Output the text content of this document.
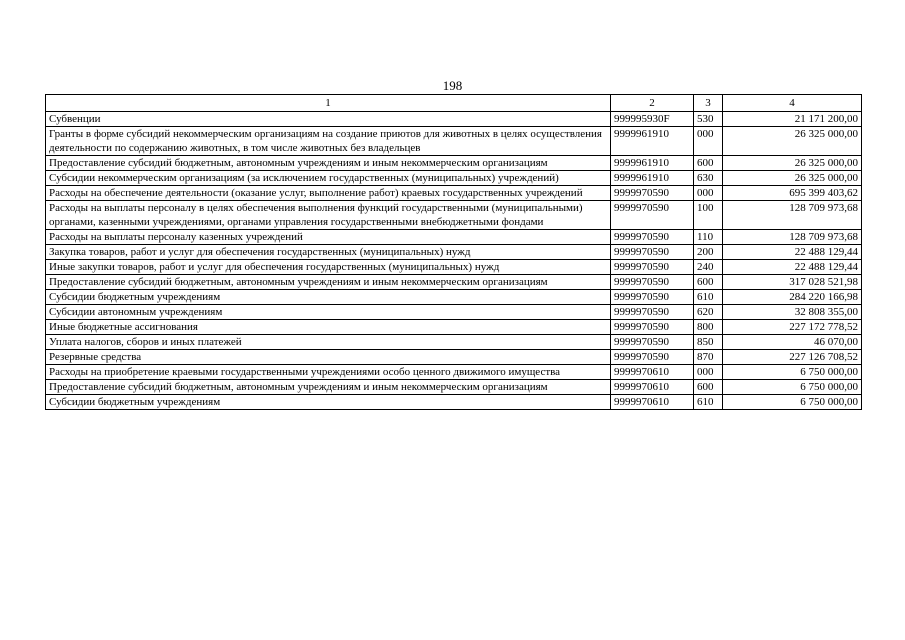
198
1	2	3	4
Субвенции	999995930F	530	21 171 200,00
Гранты в форме субсидий некоммерческим организациям на создание приютов для животных в целях осуществления деятельности по содержанию животных, в том числе животных без владельцев	9999961910	000	26 325 000,00
Предоставление субсидий бюджетным, автономным учреждениям и иным некоммерческим организациям	9999961910	600	26 325 000,00
Субсидии некоммерческим организациям (за исключением государственных (муниципальных) учреждений)	9999961910	630	26 325 000,00
Расходы на обеспечение деятельности (оказание услуг, выполнение работ) краевых государственных учреждений	9999970590	000	695 399 403,62
Расходы на выплаты персоналу в целях обеспечения выполнения функций государственными (муниципальными) органами, казенными учреждениями, органами управления государственными внебюджетными фондами	9999970590	100	128 709 973,68
Расходы на выплаты персоналу казенных учреждений	9999970590	110	128 709 973,68
Закупка товаров, работ и услуг для обеспечения государственных (муниципальных) нужд	9999970590	200	22 488 129,44
Иные закупки товаров, работ и услуг для обеспечения государственных (муниципальных) нужд	9999970590	240	22 488 129,44
Предоставление субсидий бюджетным, автономным учреждениям и иным некоммерческим организациям	9999970590	600	317 028 521,98
Субсидии бюджетным учреждениям	9999970590	610	284 220 166,98
Субсидии автономным учреждениям	9999970590	620	32 808 355,00
Иные бюджетные ассигнования	9999970590	800	227 172 778,52
Уплата налогов, сборов и иных платежей	9999970590	850	46 070,00
Резервные средства	9999970590	870	227 126 708,52
Расходы на приобретение краевыми государственными учреждениями особо ценного движимого имущества	9999970610	000	6 750 000,00
Предоставление субсидий бюджетным, автономным учреждениям и иным некоммерческим организациям	9999970610	600	6 750 000,00
Субсидии бюджетным учреждениям	9999970610	610	6 750 000,00
